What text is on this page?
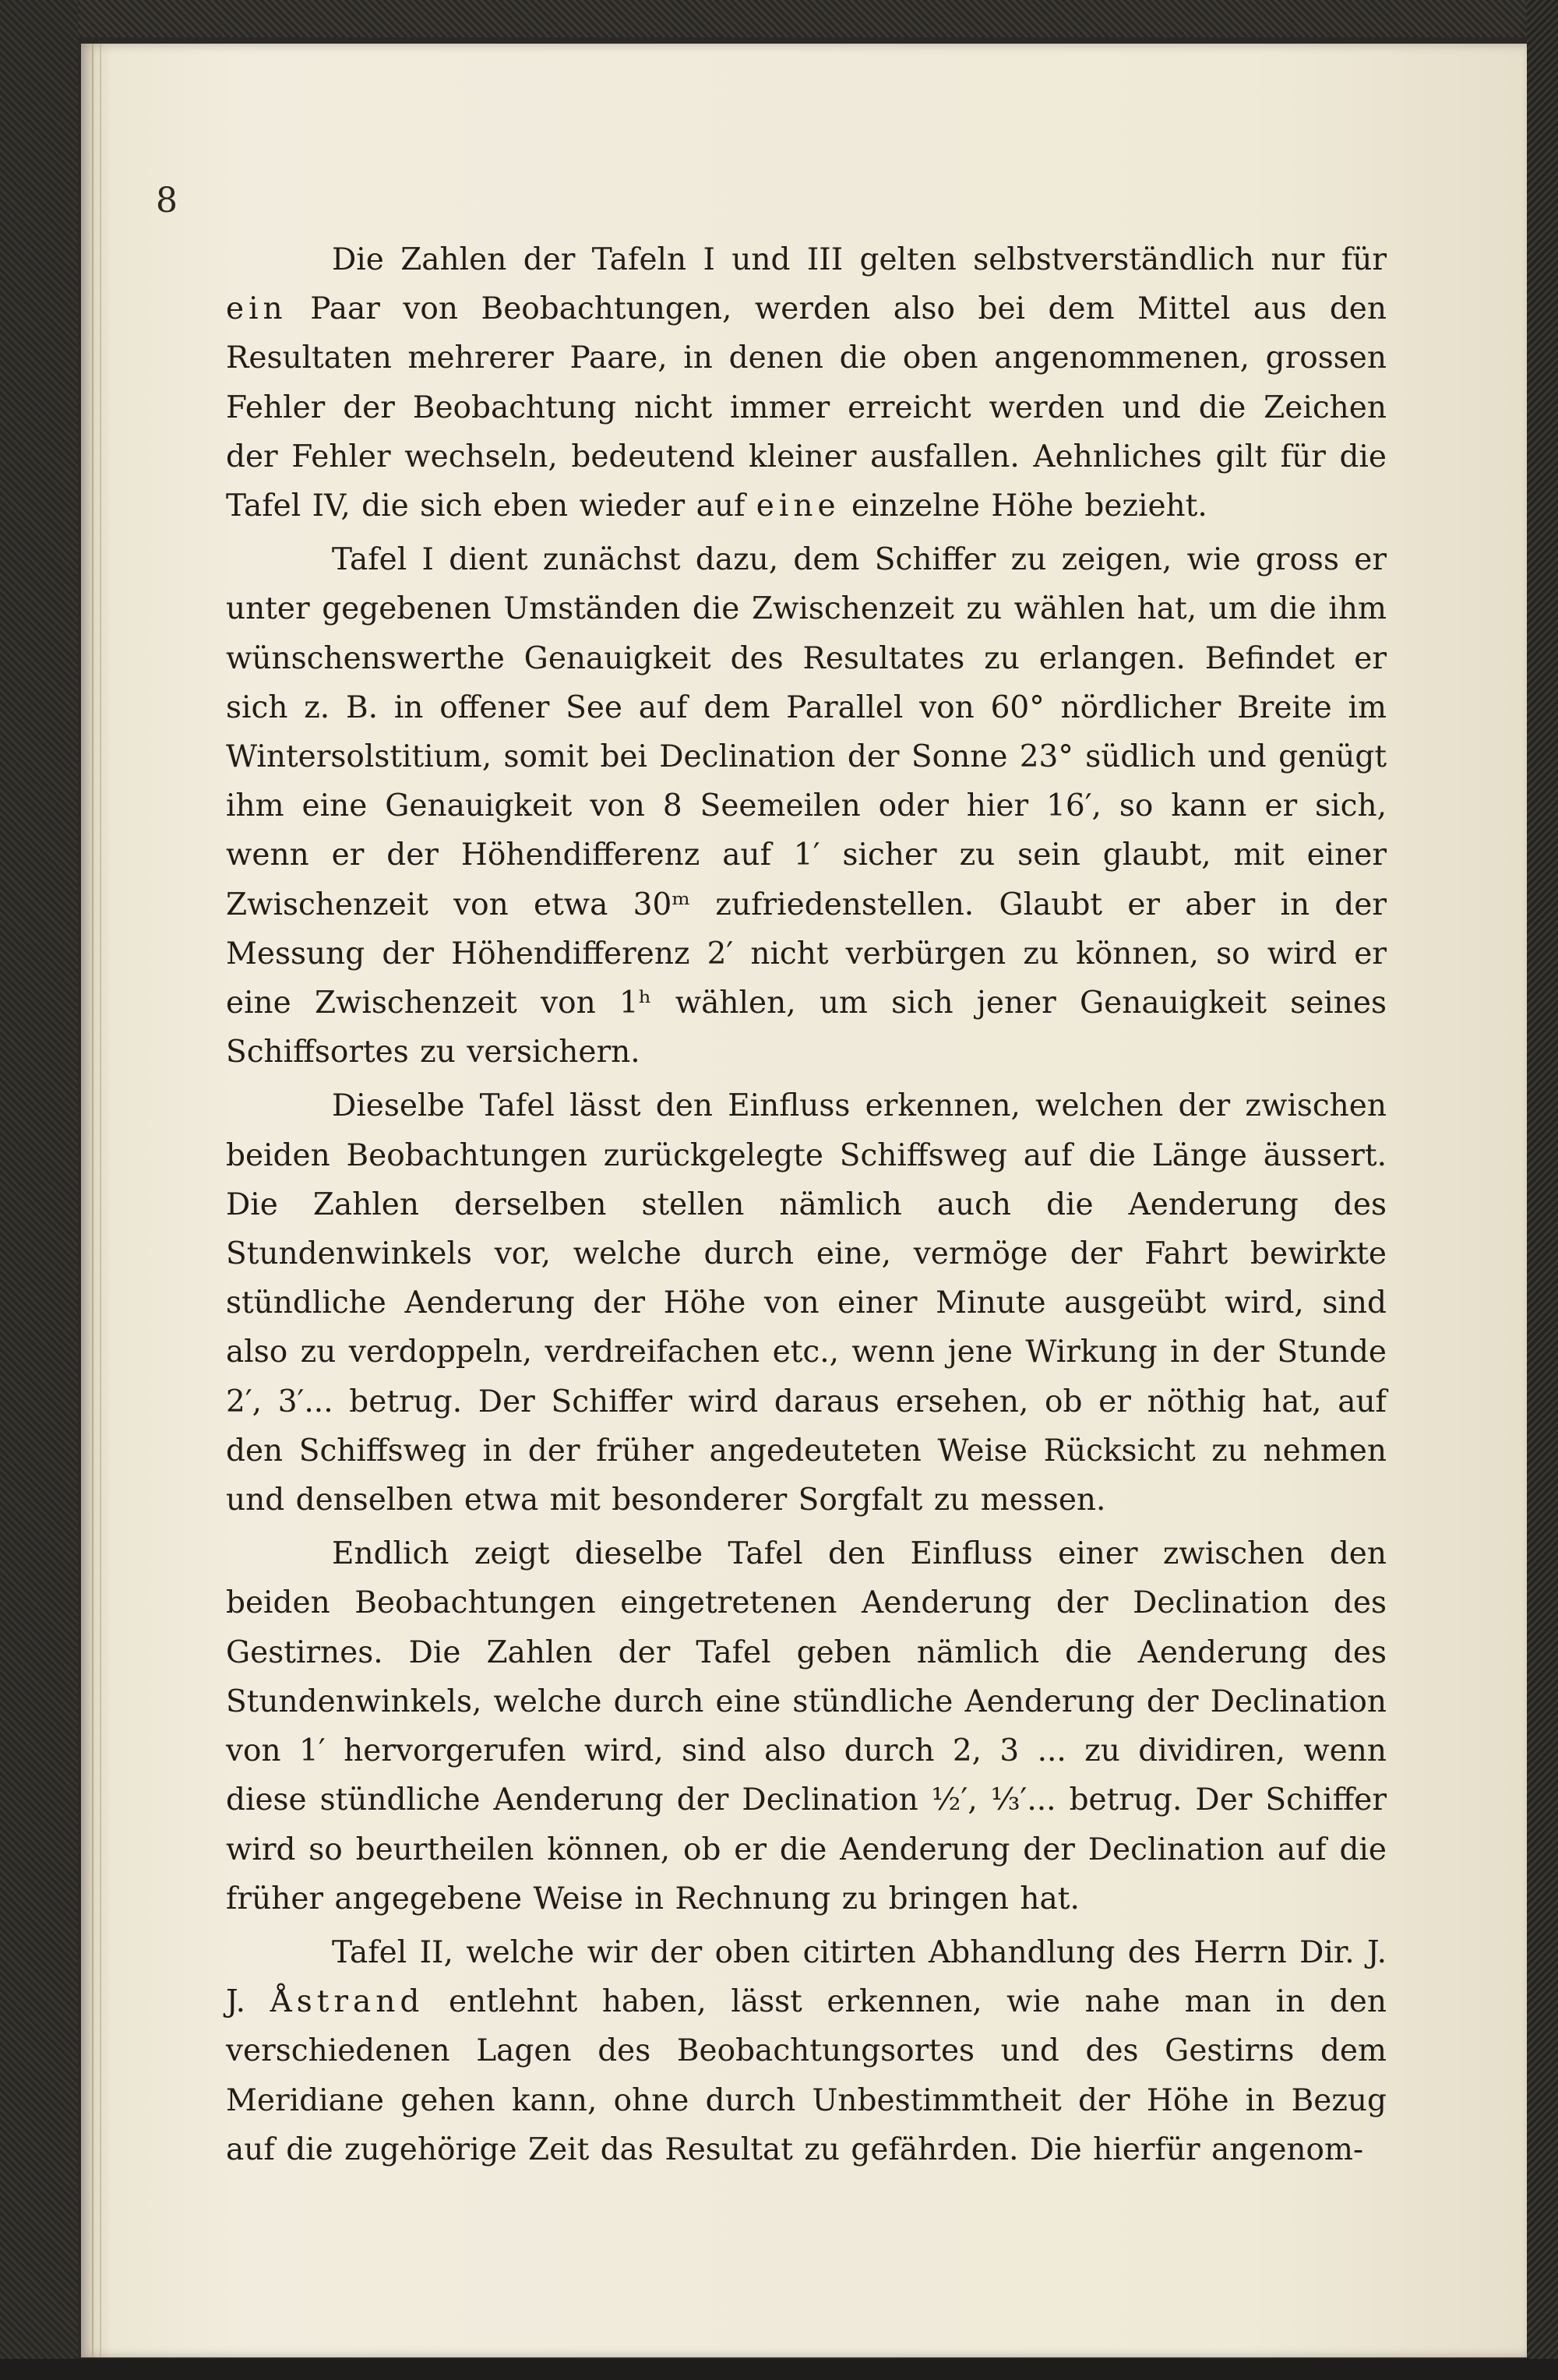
8

Die Zahlen der Tafeln I und III gelten selbstverständlich nur für ein Paar von Beobachtungen, werden also bei dem Mittel aus den Resultaten mehrerer Paare, in denen die oben angenommenen, grossen Fehler der Beobachtung nicht immer erreicht werden und die Zeichen der Fehler wechseln, bedeutend kleiner ausfallen. Aehnliches gilt für die Tafel IV, die sich eben wieder auf eine einzelne Höhe bezieht.

Tafel I dient zunächst dazu, dem Schiffer zu zeigen, wie gross er unter gegebenen Umständen die Zwischenzeit zu wählen hat, um die ihm wünschenswerthe Genauigkeit des Resultates zu erlangen. Befindet er sich z. B. in offener See auf dem Parallel von 60° nördlicher Breite im Wintersolstitium, somit bei Declination der Sonne 23° südlich und genügt ihm eine Genauigkeit von 8 Seemeilen oder hier 16′, so kann er sich, wenn er der Höhendifferenz auf 1′ sicher zu sein glaubt, mit einer Zwischenzeit von etwa 30ᵐ zufriedenstellen. Glaubt er aber in der Messung der Höhendifferenz 2′ nicht verbürgen zu können, so wird er eine Zwischenzeit von 1ʰ wählen, um sich jener Genauigkeit seines Schiffsortes zu versichern.

Dieselbe Tafel lässt den Einfluss erkennen, welchen der zwischen beiden Beobachtungen zurückgelegte Schiffsweg auf die Länge äussert. Die Zahlen derselben stellen nämlich auch die Aenderung des Stundenwinkels vor, welche durch eine, vermöge der Fahrt bewirkte stündliche Aenderung der Höhe von einer Minute ausgeübt wird, sind also zu verdoppeln, verdreifachen etc., wenn jene Wirkung in der Stunde 2′, 3′... betrug. Der Schiffer wird daraus ersehen, ob er nöthig hat, auf den Schiffsweg in der früher angedeuteten Weise Rücksicht zu nehmen und denselben etwa mit besonderer Sorgfalt zu messen.

Endlich zeigt dieselbe Tafel den Einfluss einer zwischen den beiden Beobachtungen eingetretenen Aenderung der Declination des Gestirnes. Die Zahlen der Tafel geben nämlich die Aenderung des Stundenwinkels, welche durch eine stündliche Aenderung der Declination von 1′ hervorgerufen wird, sind also durch 2, 3 ... zu dividiren, wenn diese stündliche Aenderung der Declination ½′, ⅓′... betrug. Der Schiffer wird so beurtheilen können, ob er die Aenderung der Declination auf die früher angegebene Weise in Rechnung zu bringen hat.

Tafel II, welche wir der oben citirten Abhandlung des Herrn Dir. J. J. Åstrand entlehnt haben, lässt erkennen, wie nahe man in den verschiedenen Lagen des Beobachtungsortes und des Gestirns dem Meridiane gehen kann, ohne durch Unbestimmtheit der Höhe in Bezug auf die zugehörige Zeit das Resultat zu gefährden. Die hierfür angenom-
